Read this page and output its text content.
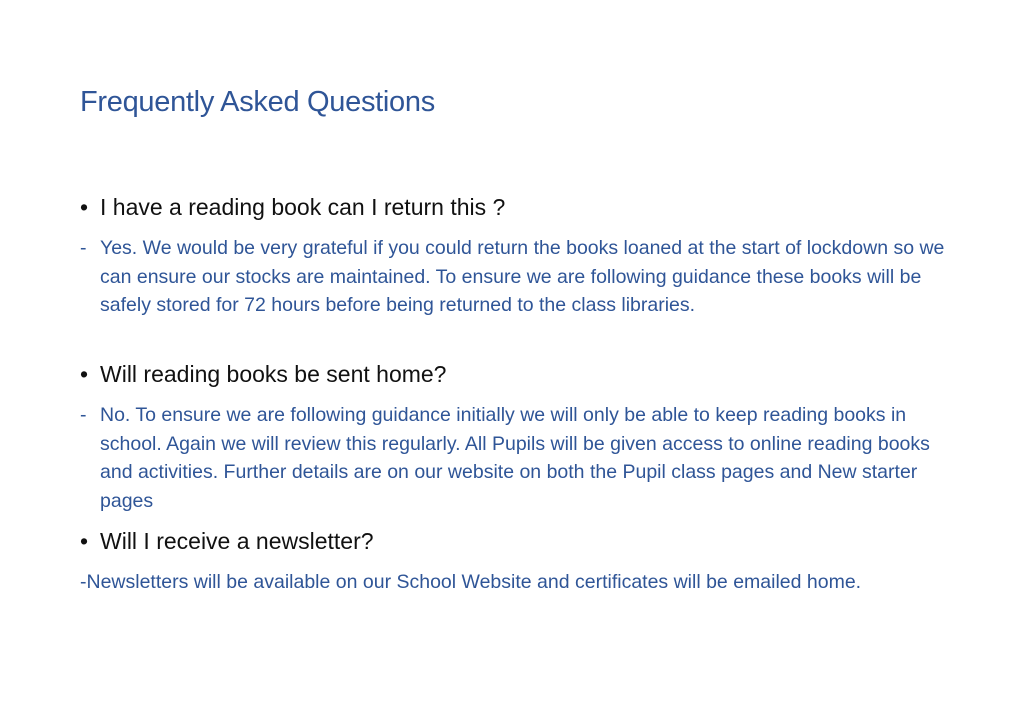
Frequently Asked Questions
• I have a reading book can I return this ?
- Yes. We would be very grateful if you could return the books loaned at the start of lockdown so we can ensure our stocks are maintained. To ensure we are following guidance these books will be safely stored for 72 hours before being returned to the class libraries.
• Will reading books be sent home?
- No. To ensure we are following guidance initially we will only be able to keep reading books in school. Again we will review this regularly. All Pupils will be given access to online reading books and activities. Further details are on our website on both the Pupil class pages and New starter pages
• Will I receive a newsletter?
-Newsletters will be available on our School Website and certificates will be emailed home.
